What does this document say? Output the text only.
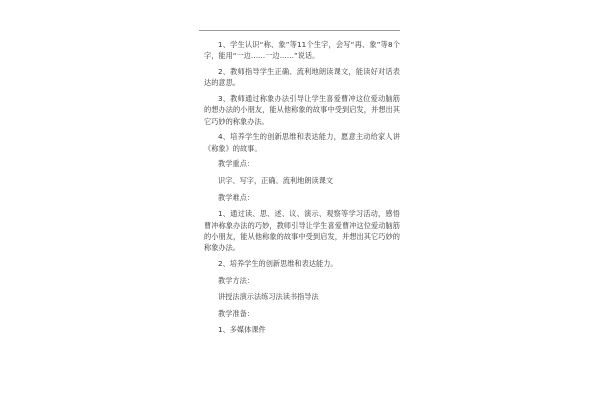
1、学生认识“称、象”等11个生字，会写“再、象”等8个字，能用“一边……一边……”说话。

2、教师指导学生正确、流利地朗读课文，能读好对话表达的意思。

3、教师通过称象办法引导让学生喜爱曹冲这位爱动脑筋的想办法的小朋友，能从他称象的故事中受到启发，并想出其它巧妙的称象办法。

4、培养学生的创新思维和表达能力，愿意主动给家人讲《称象》的故事。

教学重点：

识字、写字，正确、流利地朗读课文

教学难点：

1、通过读、思、述、议、演示、观察等学习活动，感悟曹冲称象办法的巧妙，教师引导让学生喜爱曹冲这位爱动脑筋的小朋友，能从他称象的故事中受到启发，并想出其它巧妙的称象办法。

2、培养学生的创新思维和表达能力。

教学方法：

讲授法演示法练习法读书指导法

教学准备：

1、多媒体课件
